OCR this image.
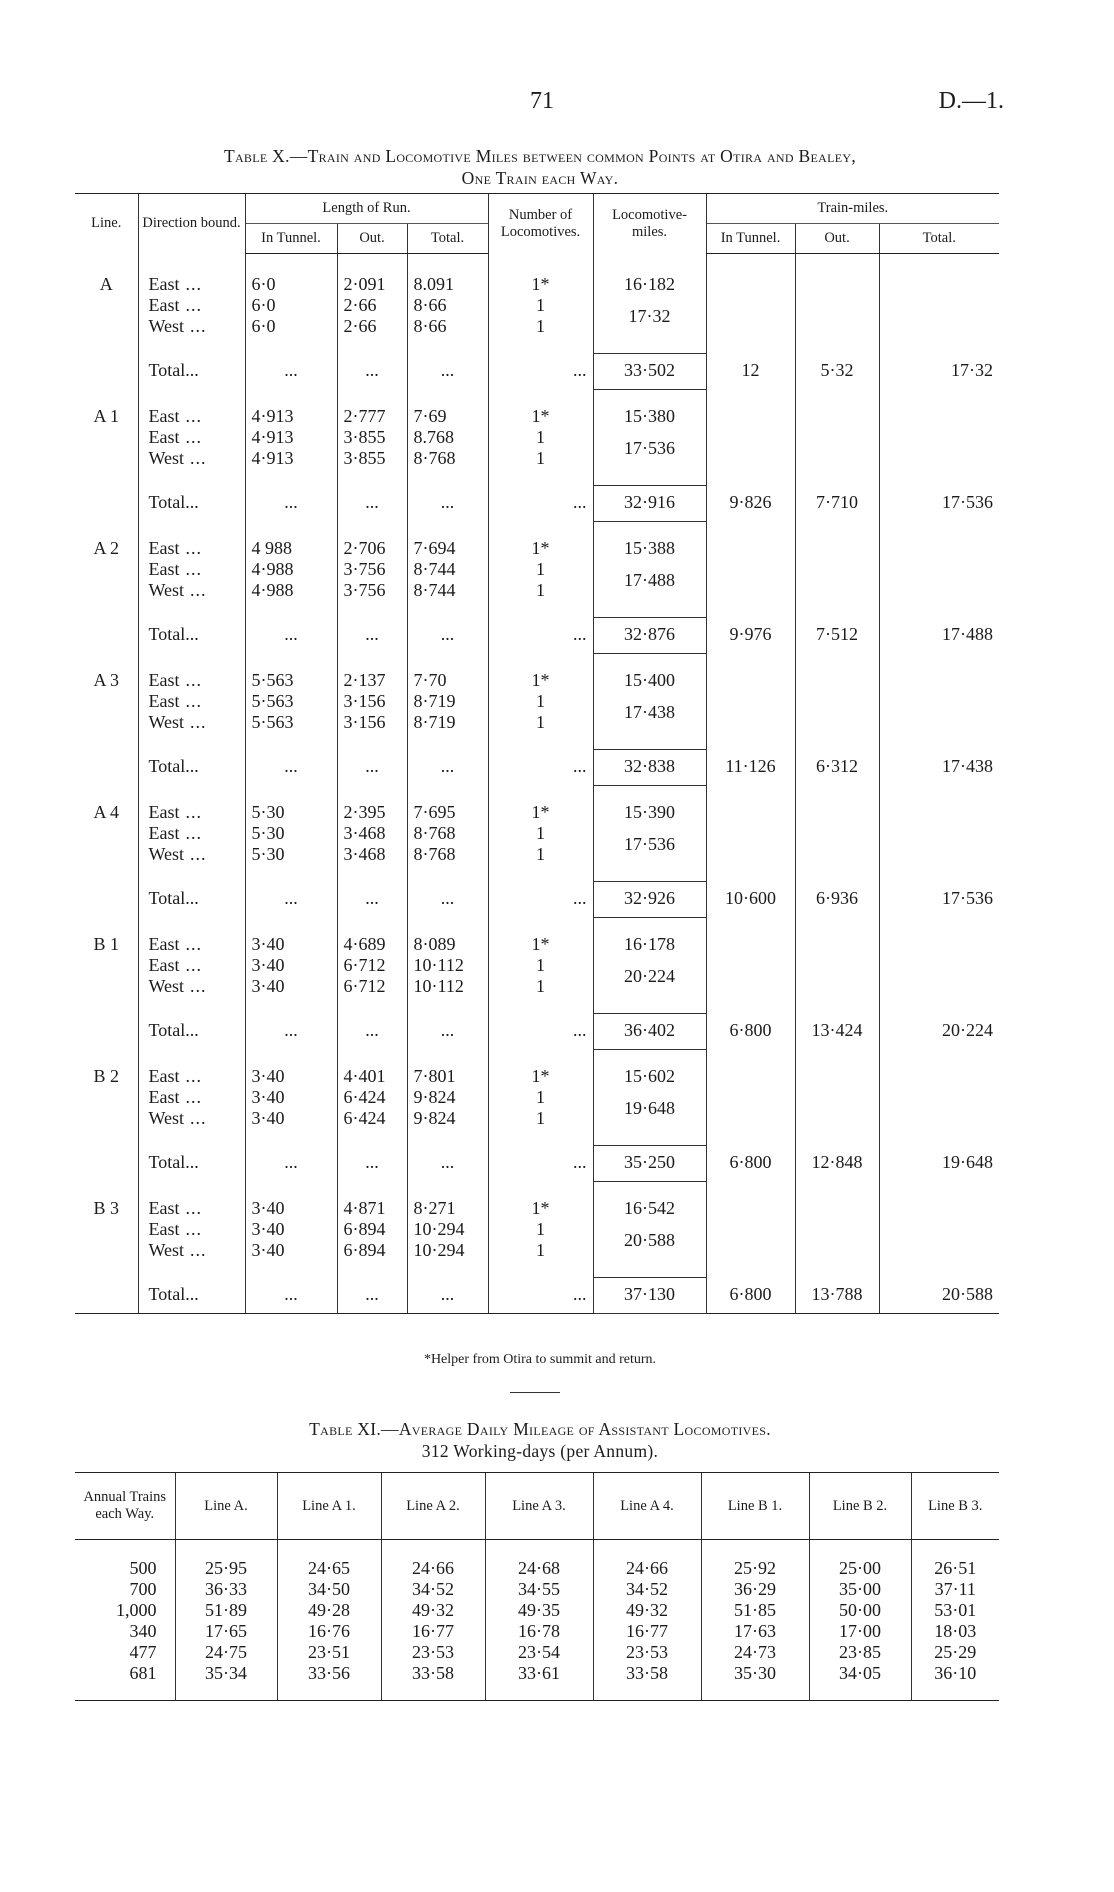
71	D.—1.
Table X.—Train and Locomotive Miles between common Points at Otira and Bealey,
One Train each Way.
Line.	Direction bound.	Length of Run.			Number of Locomotives.	Locomotive-miles.	Train-miles.		
		In Tunnel.	Out.	Total.			In Tunnel.	Out.	Total.

A	East ...	6·0	2·091	8.091	1*	16·182			
	East ...	6·0	2·66	8·66	1	17·32			
	West ...	6·0	2·66	8·66	1				

	Total...	...	...	...	...	33·502	12	5·32	17·32

A 1	East ...	4·913	2·777	7·69	1*	15·380			
	East ...	4·913	3·855	8.768	1	17·536			
	West ...	4·913	3·855	8·768	1				

	Total...	...	...	...	...	32·916	9·826	7·710	17·536

A 2	East ...	4 988	2·706	7·694	1*	15·388			
	East ...	4·988	3·756	8·744	1	17·488			
	West ...	4·988	3·756	8·744	1				

	Total...	...	...	...	...	32·876	9·976	7·512	17·488

A 3	East ...	5·563	2·137	7·70	1*	15·400			
	East ...	5·563	3·156	8·719	1	17·438			
	West ...	5·563	3·156	8·719	1				

	Total...	...	...	...	...	32·838	11·126	6·312	17·438

A 4	East ...	5·30	2·395	7·695	1*	15·390			
	East ...	5·30	3·468	8·768	1	17·536			
	West ...	5·30	3·468	8·768	1				

	Total...	...	...	...	...	32·926	10·600	6·936	17·536

B 1	East ...	3·40	4·689	8·089	1*	16·178			
	East ...	3·40	6·712	10·112	1	20·224			
	West ...	3·40	6·712	10·112	1				

	Total...	...	...	...	...	36·402	6·800	13·424	20·224

B 2	East ...	3·40	4·401	7·801	1*	15·602			
	East ...	3·40	6·424	9·824	1	19·648			
	West ...	3·40	6·424	9·824	1				

	Total...	...	...	...	...	35·250	6·800	12·848	19·648

B 3	East ...	3·40	4·871	8·271	1*	16·542			
	East ...	3·40	6·894	10·294	1	20·588			
	West ...	3·40	6·894	10·294	1				

	Total...	...	...	...	...	37·130	6·800	13·788	20·588
*Helper from Otira to summit and return.
Table XI.—Average Daily Mileage of Assistant Locomotives.
312 Working-days (per Annum).
Annual Trains each Way.	Line A.	Line A 1.	Line A 2.	Line A 3.	Line A 4.	Line B 1.	Line B 2.	Line B 3.

500	25·95	24·65	24·66	24·68	24·66	25·92	25·00	26·51
700	36·33	34·50	34·52	34·55	34·52	36·29	35·00	37·11
1,000	51·89	49·28	49·32	49·35	49·32	51·85	50·00	53·01
340	17·65	16·76	16·77	16·78	16·77	17·63	17·00	18·03
477	24·75	23·51	23·53	23·54	23·53	24·73	23·85	25·29
681	35·34	33·56	33·58	33·61	33·58	35·30	34·05	36·10
